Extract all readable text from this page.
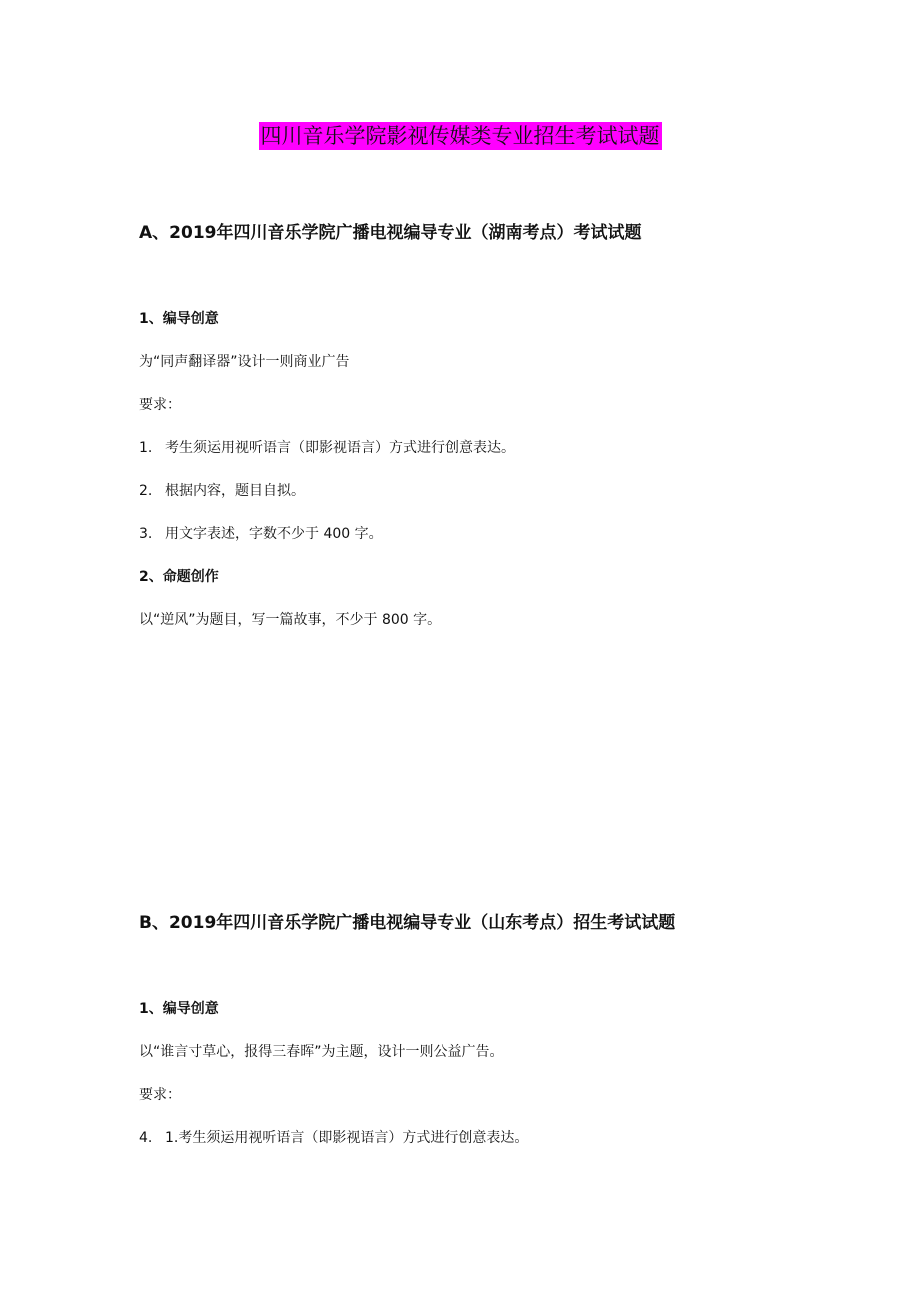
四川音乐学院影视传媒类专业招生考试试题
A、2019年四川音乐学院广播电视编导专业（湖南考点）考试试题
1、编导创意
为“同声翻译器”设计一则商业广告
要求：
1. 考生须运用视听语言（即影视语言）方式进行创意表达。
2. 根据内容，题目自拟。
3. 用文字表述，字数不少于 400 字。
2、命题创作
以“逆风”为题目，写一篇故事，不少于 800 字。
B、2019年四川音乐学院广播电视编导专业（山东考点）招生考试试题
1、编导创意
以“谁言寸草心，报得三春晖”为主题，设计一则公益广告。
要求：
4. 1.考生须运用视听语言（即影视语言）方式进行创意表达。
